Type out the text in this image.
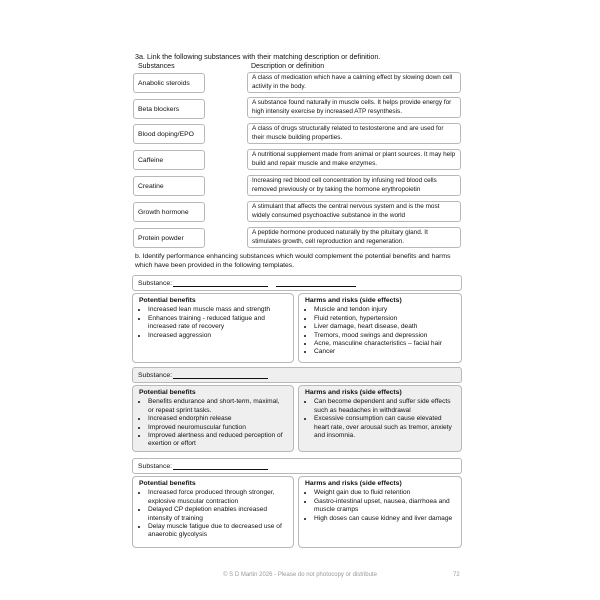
3a. Link the following substances with their matching description or definition.
Substances	Description or definition
Anabolic steroids
Beta blockers
Blood doping/EPO
Caffeine
Creatine
Growth hormone
Protein powder
A class of medication which have a calming effect by slowing down cell activity in the body.
A substance found naturally in muscle cells. It helps provide energy for high intensity exercise by increased ATP resynthesis.
A class of drugs structurally related to testosterone and are used for their muscle building properties.
A nutritional supplement made from animal or plant sources. It may help build and repair muscle and make enzymes.
Increasing red blood cell concentration by infusing red blood cells removed previously or by taking the hormone erythropoietin
A stimulant that affects the central nervous system and is the most widely consumed psychoactive substance in the world
A peptide hormone produced naturally by the pituitary gland. It stimulates growth, cell reproduction and regeneration.
b. Identify performance enhancing substances which would complement the potential benefits and harms which have been provided in the following templates.
Substance:
Potential benefits
• Increased lean muscle mass and strength
• Enhances training - reduced fatigue and increased rate of recovery
• Increased aggression
Harms and risks (side effects)
• Muscle and tendon injury
• Fluid retention, hypertension
• Liver damage, heart disease, death
• Tremors, mood swings and depression
• Acne, masculine characteristics – facial hair
• Cancer
Substance:
Potential benefits
• Benefits endurance and short-term, maximal, or repeat sprint tasks.
• Increased endorphin release
• Improved neuromuscular function
• Improved alertness and reduced perception of exertion or effort
Harms and risks (side effects)
• Can become dependent and suffer side effects such as headaches in withdrawal
• Excessive consumption can cause elevated heart rate, over arousal such as tremor, anxiety and insomnia.
Substance:
Potential benefits
• Increased force produced through stronger, explosive muscular contraction
• Delayed CP depletion enables increased intensity of training
• Delay muscle fatigue due to decreased use of anaerobic glycolysis
Harms and risks (side effects)
• Weight gain due to fluid retention
• Gastro-intestinal upset, nausea, diarrhoea and muscle cramps
• High doses can cause kidney and liver damage
© S D Martin 2026 - Please do not photocopy or distribute	72
